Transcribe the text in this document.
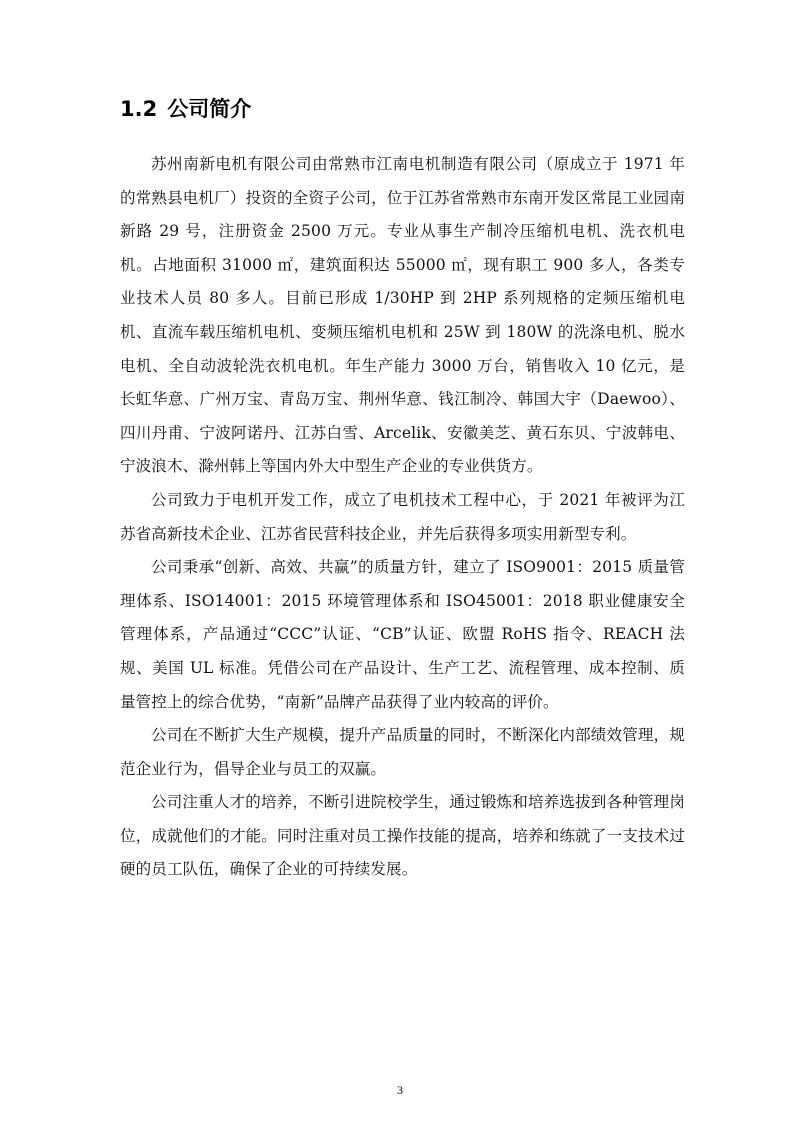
1.2 公司简介

苏州南新电机有限公司由常熟市江南电机制造有限公司（原成立于 1971 年的常熟县电机厂）投资的全资子公司，位于江苏省常熟市东南开发区常昆工业园南新路 29 号，注册资金 2500 万元。专业从事生产制冷压缩机电机、洗衣机电机。占地面积 31000 ㎡，建筑面积达 55000 ㎡，现有职工 900 多人，各类专业技术人员 80 多人。目前已形成 1/30HP 到 2HP 系列规格的定频压缩机电机、直流车载压缩机电机、变频压缩机电机和 25W 到 180W 的洗涤电机、脱水电机、全自动波轮洗衣机电机。年生产能力 3000 万台，销售收入 10 亿元，是长虹华意、广州万宝、青岛万宝、荆州华意、钱江制冷、韩国大宇（Daewoo）、四川丹甫、宁波阿诺丹、江苏白雪、Arcelik、安徽美芝、黄石东贝、宁波韩电、宁波浪木、滁州韩上等国内外大中型生产企业的专业供货方。

公司致力于电机开发工作，成立了电机技术工程中心，于 2021 年被评为江苏省高新技术企业、江苏省民营科技企业，并先后获得多项实用新型专利。

公司秉承“创新、高效、共赢”的质量方针，建立了 ISO9001：2015 质量管理体系、ISO14001：2015 环境管理体系和 ISO45001：2018 职业健康安全管理体系，产品通过“CCC”认证、“CB”认证、欧盟 RoHS 指令、REACH 法规、美国 UL 标准。凭借公司在产品设计、生产工艺、流程管理、成本控制、质量管控上的综合优势，“南新”品牌产品获得了业内较高的评价。

公司在不断扩大生产规模，提升产品质量的同时，不断深化内部绩效管理，规范企业行为，倡导企业与员工的双赢。

公司注重人才的培养，不断引进院校学生，通过锻炼和培养选拔到各种管理岗位，成就他们的才能。同时注重对员工操作技能的提高，培养和练就了一支技术过硬的员工队伍，确保了企业的可持续发展。

3
